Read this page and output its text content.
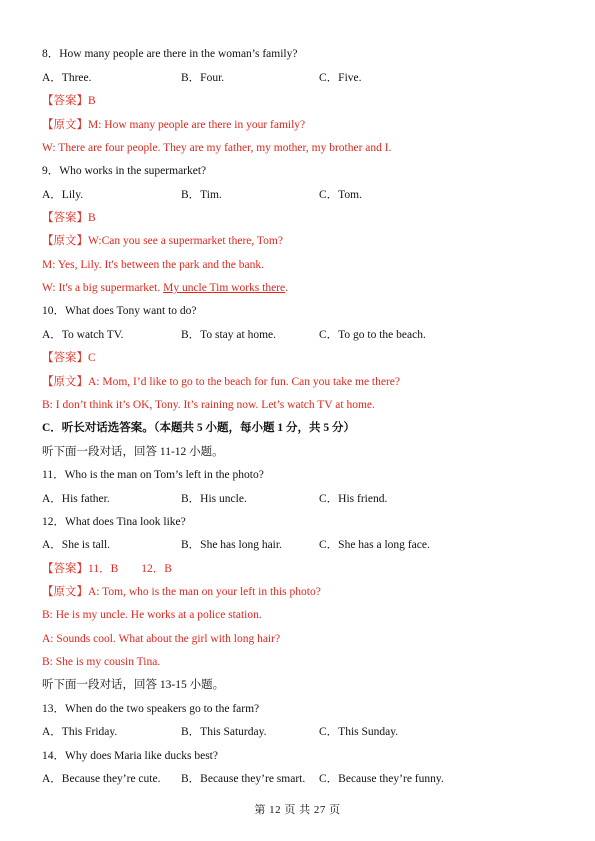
8．How many people are there in the woman’s family?
A．Three.	B．Four.	C．Five.
【答案】B
【原文】M: How many people are there in your family?
W: There are four people. They are my father, my mother, my brother and I.
9．Who works in the supermarket?
A．Lily.	B．Tim.	C．Tom.
【答案】B
【原文】W:Can you see a supermarket there, Tom?
M: Yes, Lily. It's between the park and the bank.
W: It's a big supermarket. My uncle Tim works there.
10．What does Tony want to do?
A．To watch TV.	B．To stay at home.	C．To go to the beach.
【答案】C
【原文】A: Mom, I’d like to go to the beach for fun. Can you take me there?
B: I don’t think it’s OK, Tony. It’s raining now. Let’s watch TV at home.
C．听长对话选答案。（本题共 5 小题，每小题 1 分，共 5 分）
听下面一段对话，回答 11-12 小题。
11．Who is the man on Tom’s left in the photo?
A．His father.	B．His uncle.	C．His friend.
12．What does Tina look like?
A．She is tall.	B．She has long hair.	C．She has a long face.
【答案】11．B　　12．B
【原文】A: Tom, who is the man on your left in this photo?
B: He is my uncle. He works at a police station.
A: Sounds cool. What about the girl with long hair?
B: She is my cousin Tina.
听下面一段对话，回答 13-15 小题。
13．When do the two speakers go to the farm?
A．This Friday.	B．This Saturday.	C．This Sunday.
14．Why does Maria like ducks best?
A．Because they’re cute. B．Because they’re smart. C．Because they’re funny.
第 12 页 共 27 页
